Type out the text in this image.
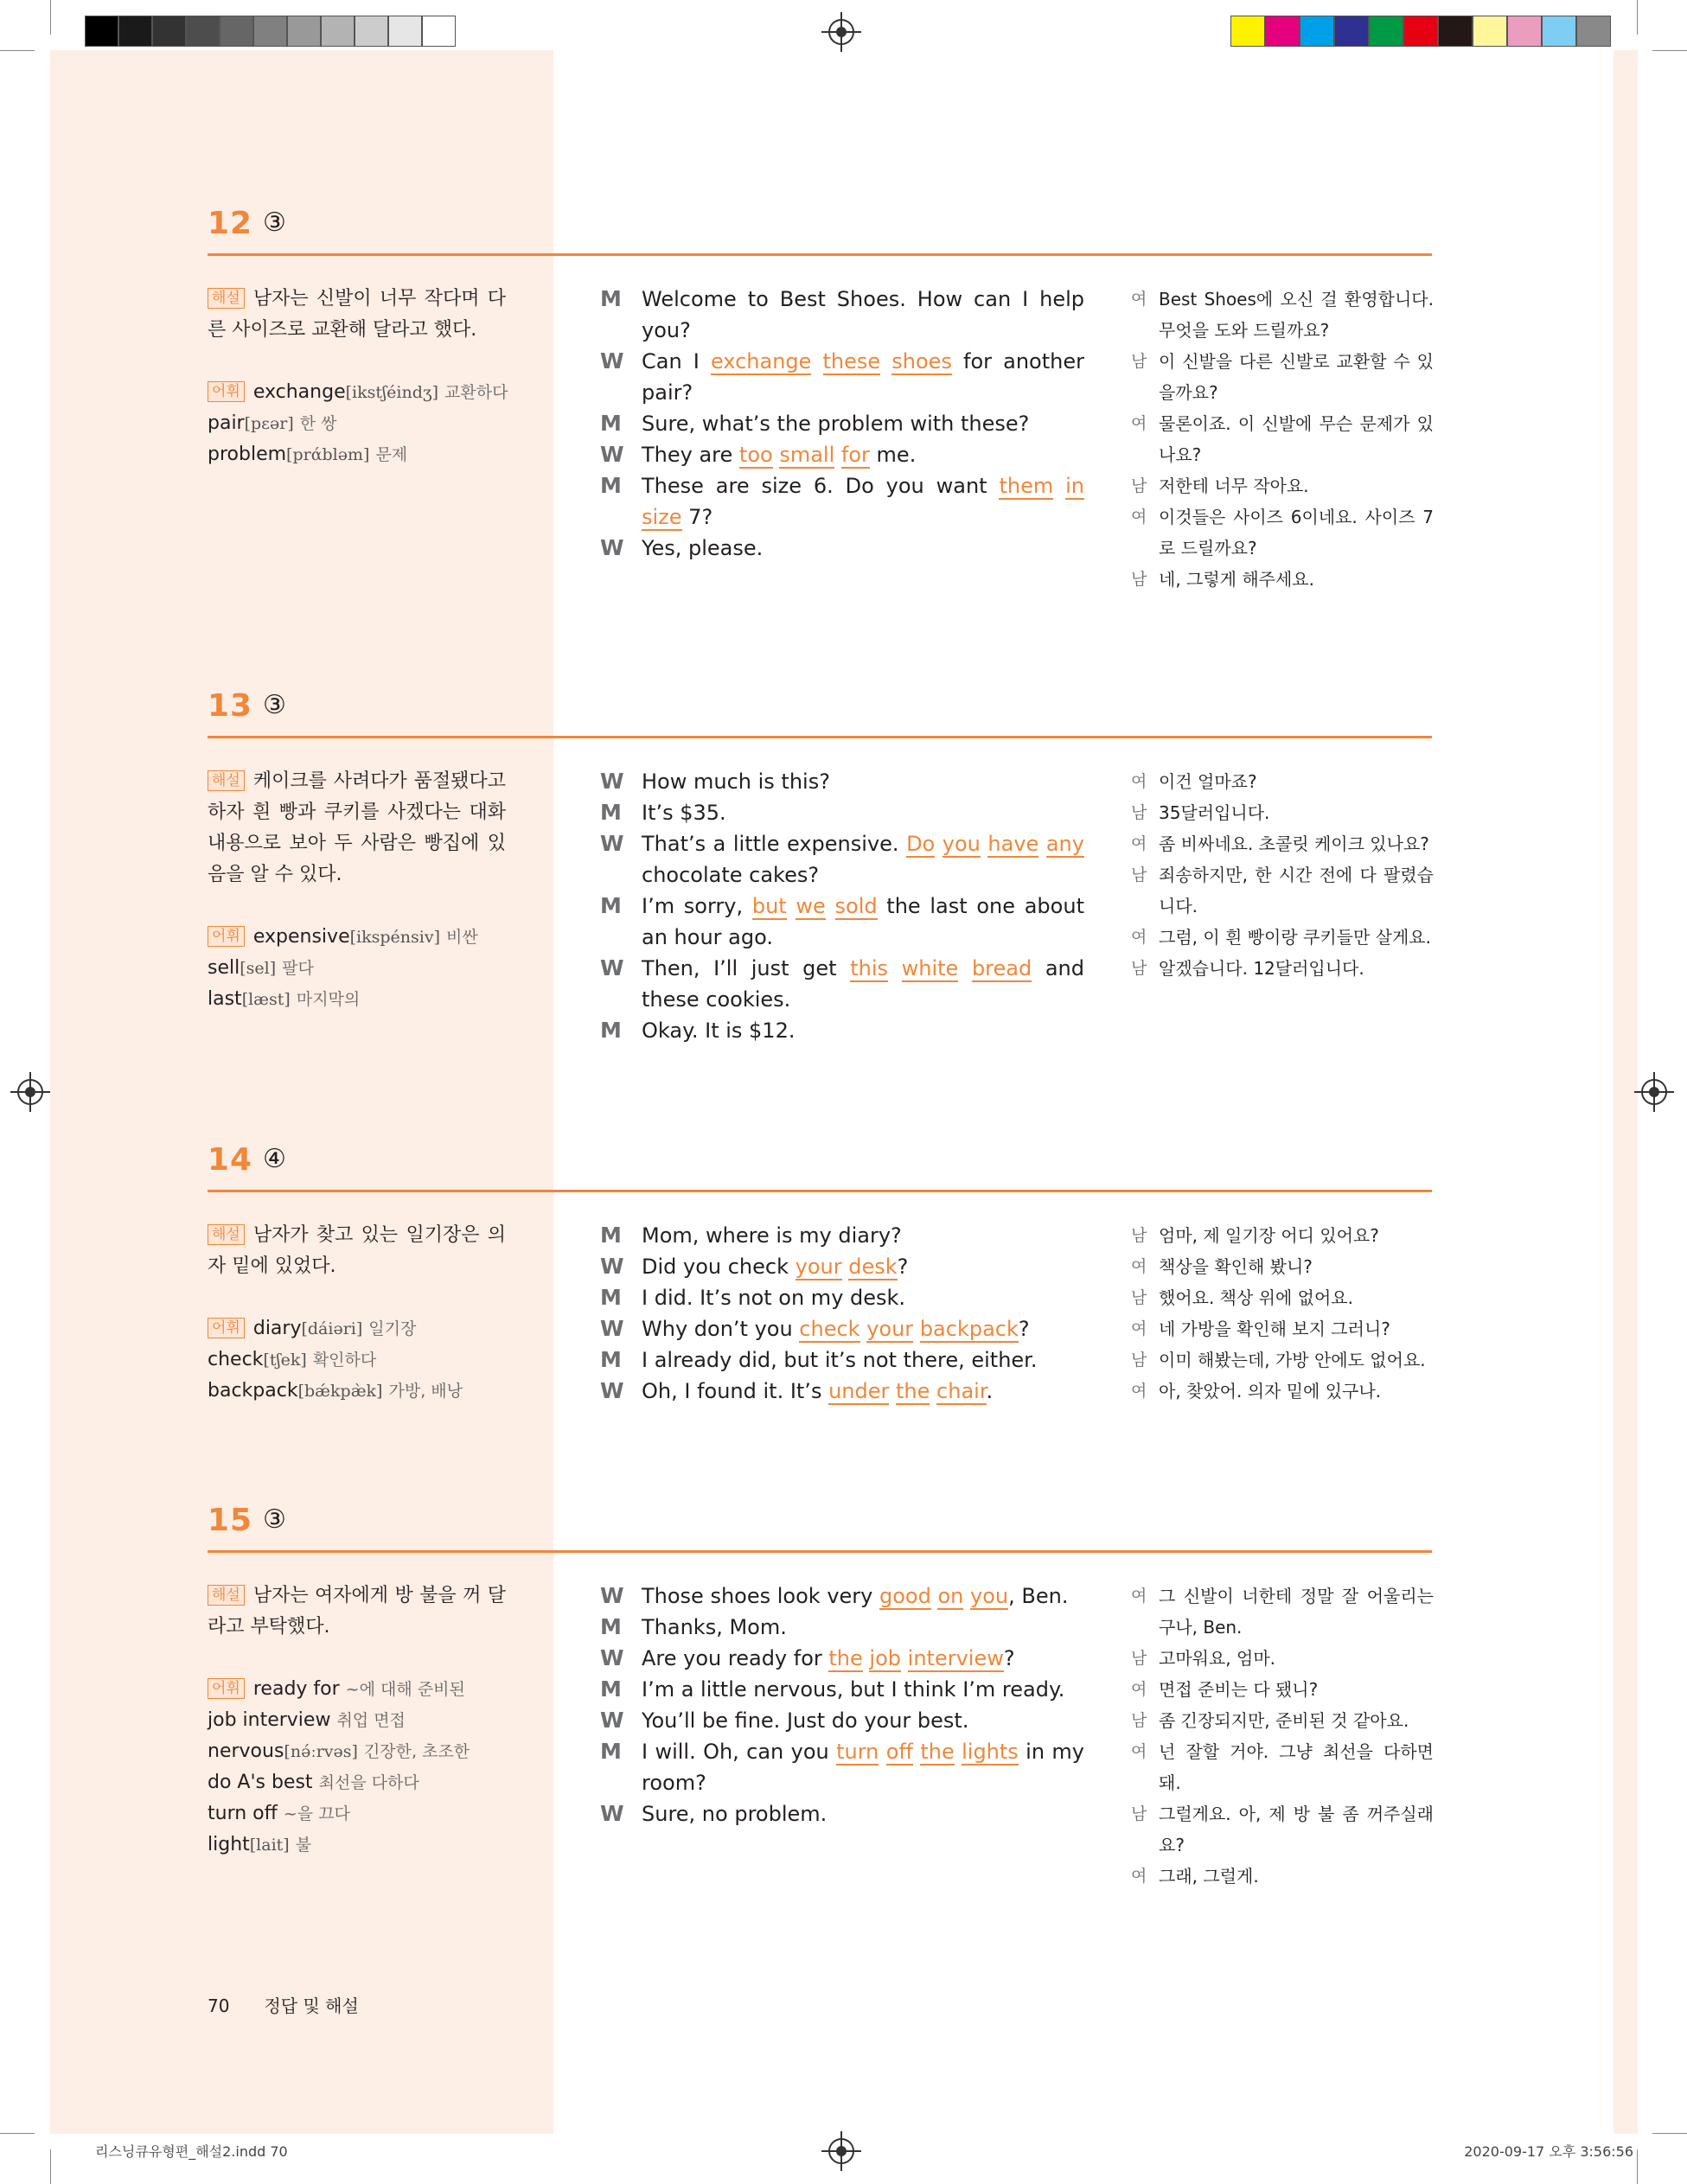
12 ③
해설 남자는 신발이 너무 작다며 다른 사이즈로 교환해 달라고 했다.
어휘 exchange[ikstʃéindʒ] 교환하다
pair[pεər] 한 쌍
problem[prάbləm] 문제
M Welcome to Best Shoes. How can I help you?
W Can I exchange these shoes for another pair?
M Sure, what’s the problem with these?
W They are too small for me.
M These are size 6. Do you want them in size 7?
W Yes, please.
여 Best Shoes에 오신 걸 환영합니다. 무엇을 도와 드릴까요?
남 이 신발을 다른 신발로 교환할 수 있을까요?
여 물론이죠. 이 신발에 무슨 문제가 있나요?
남 저한테 너무 작아요.
여 이것들은 사이즈 6이네요. 사이즈 7로 드릴까요?
남 네, 그렇게 해주세요.
13 ③
해설 케이크를 사려다가 품절됐다고 하자 흰 빵과 쿠키를 사겠다는 대화 내용으로 보아 두 사람은 빵집에 있음을 알 수 있다.
어휘 expensive[ikspénsiv] 비싼
sell[sel] 팔다
last[læst] 마지막의
W How much is this?
M It’s $35.
W That’s a little expensive. Do you have any chocolate cakes?
M I’m sorry, but we sold the last one about an hour ago.
W Then, I’ll just get this white bread and these cookies.
M Okay. It is $12.
여 이건 얼마죠?
남 35달러입니다.
여 좀 비싸네요. 초콜릿 케이크 있나요?
남 죄송하지만, 한 시간 전에 다 팔렸습니다.
여 그럼, 이 흰 빵이랑 쿠키들만 살게요.
남 알겠습니다. 12달러입니다.
14 ④
해설 남자가 찾고 있는 일기장은 의자 밑에 있었다.
어휘 diary[dáiəri] 일기장
check[tʃek] 확인하다
backpack[bǽkpæ̀k] 가방, 배낭
M Mom, where is my diary?
W Did you check your desk?
M I did. It’s not on my desk.
W Why don’t you check your backpack?
M I already did, but it’s not there, either.
W Oh, I found it. It’s under the chair.
남 엄마, 제 일기장 어디 있어요?
여 책상을 확인해 봤니?
남 했어요. 책상 위에 없어요.
여 네 가방을 확인해 보지 그러니?
남 이미 해봤는데, 가방 안에도 없어요.
여 아, 찾았어. 의자 밑에 있구나.
15 ③
해설 남자는 여자에게 방 불을 꺼 달라고 부탁했다.
어휘 ready for ~에 대해 준비된
job interview 취업 면접
nervous[nə́ːrvəs] 긴장한, 초조한
do A's best 최선을 다하다
turn off ~을 끄다
light[lait] 불
W Those shoes look very good on you, Ben.
M Thanks, Mom.
W Are you ready for the job interview?
M I’m a little nervous, but I think I’m ready.
W You’ll be fine. Just do your best.
M I will. Oh, can you turn off the lights in my room?
W Sure, no problem.
여 그 신발이 너한테 정말 잘 어울리는구나, Ben.
남 고마워요, 엄마.
여 면접 준비는 다 됐니?
남 좀 긴장되지만, 준비된 것 같아요.
여 넌 잘할 거야. 그냥 최선을 다하면 돼.
남 그럴게요. 아, 제 방 불 좀 꺼주실래요?
여 그래, 그럴게.
70 정답 및 해설
리스닝큐유형편_해설2.indd 70	2020-09-17 오후 3:56:56
